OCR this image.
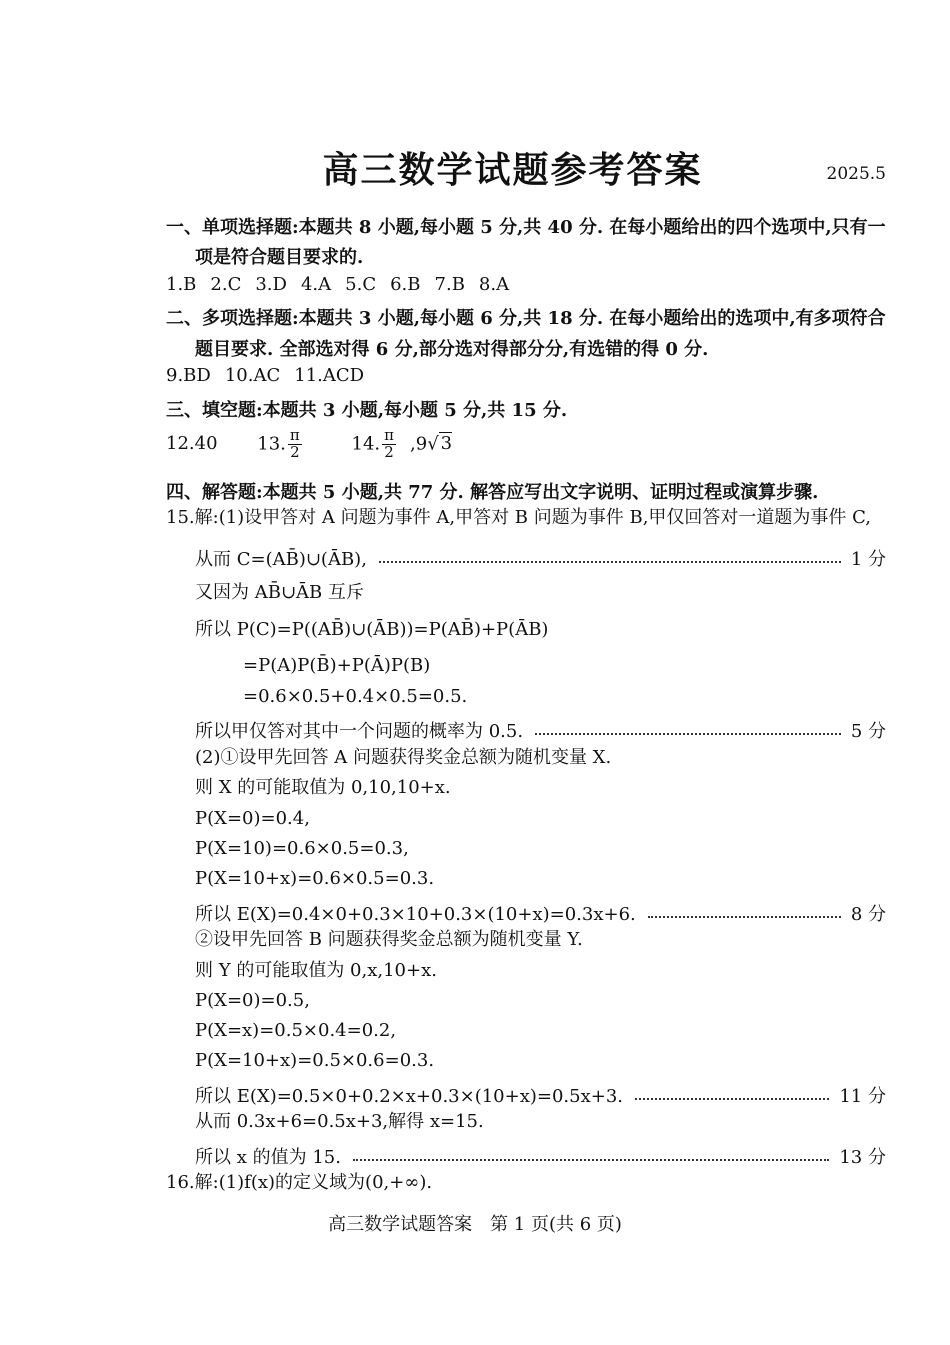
高三数学试题参考答案	2025.5
一、单项选择题:本题共 8 小题,每小题 5 分,共 40 分. 在每小题给出的四个选项中,只有一
项是符合题目要求的.
1.B 2.C 3.D 4.A 5.C 6.B 7.B 8.A
二、多项选择题:本题共 3 小题,每小题 6 分,共 18 分. 在每小题给出的选项中,有多项符合
题目要求. 全部选对得 6 分,部分选对得部分分,有选错的得 0 分.
9.BD 10.AC 11.ACD
三、填空题:本题共 3 小题,每小题 5 分,共 15 分.
12.40 13. $\frac{\pi}{2} 14$. $\frac{\pi}{2} ,9√$ 3
四、解答题:本题共 5 小题,共 77 分. 解答应写出文字说明、证明过程或演算步骤.
15.解:(1)设甲答对 A 问题为事件 A,甲答对 B 问题为事件 B,甲仅回答对一道题为事件 C,
从而 C=(AB̄)∪(ĀB),	1 分
又因为 AB̄∪ĀB 互斥
所以 P(C)=P((AB̄)∪(ĀB))=P(AB̄)+P(ĀB)
=P(A)P(B̄)+P(Ā)P(B)
=0.6×0.5+0.4×0.5=0.5.
所以甲仅答对其中一个问题的概率为 0.5.	5 分
(2)①设甲先回答 A 问题获得奖金总额为随机变量 X.
则 X 的可能取值为 0,10,10+x.
P(X=0)=0.4,
P(X=10)=0.6×0.5=0.3,
P(X=10+x)=0.6×0.5=0.3.
所以 E(X)=0.4×0+0.3×10+0.3×(10+x)=0.3x+6.	8 分
②设甲先回答 B 问题获得奖金总额为随机变量 Y.
则 Y 的可能取值为 0,x,10+x.
P(X=0)=0.5,
P(X=x)=0.5×0.4=0.2,
P(X=10+x)=0.5×0.6=0.3.
所以 E(X)=0.5×0+0.2×x+0.3×(10+x)=0.5x+3.	11 分
从而 0.3x+6=0.5x+3,解得 x=15.
所以 x 的值为 15.	13 分
16.解:(1)f(x)的定义域为(0,+∞).
高三数学试题答案　第 1 页(共 6 页)
